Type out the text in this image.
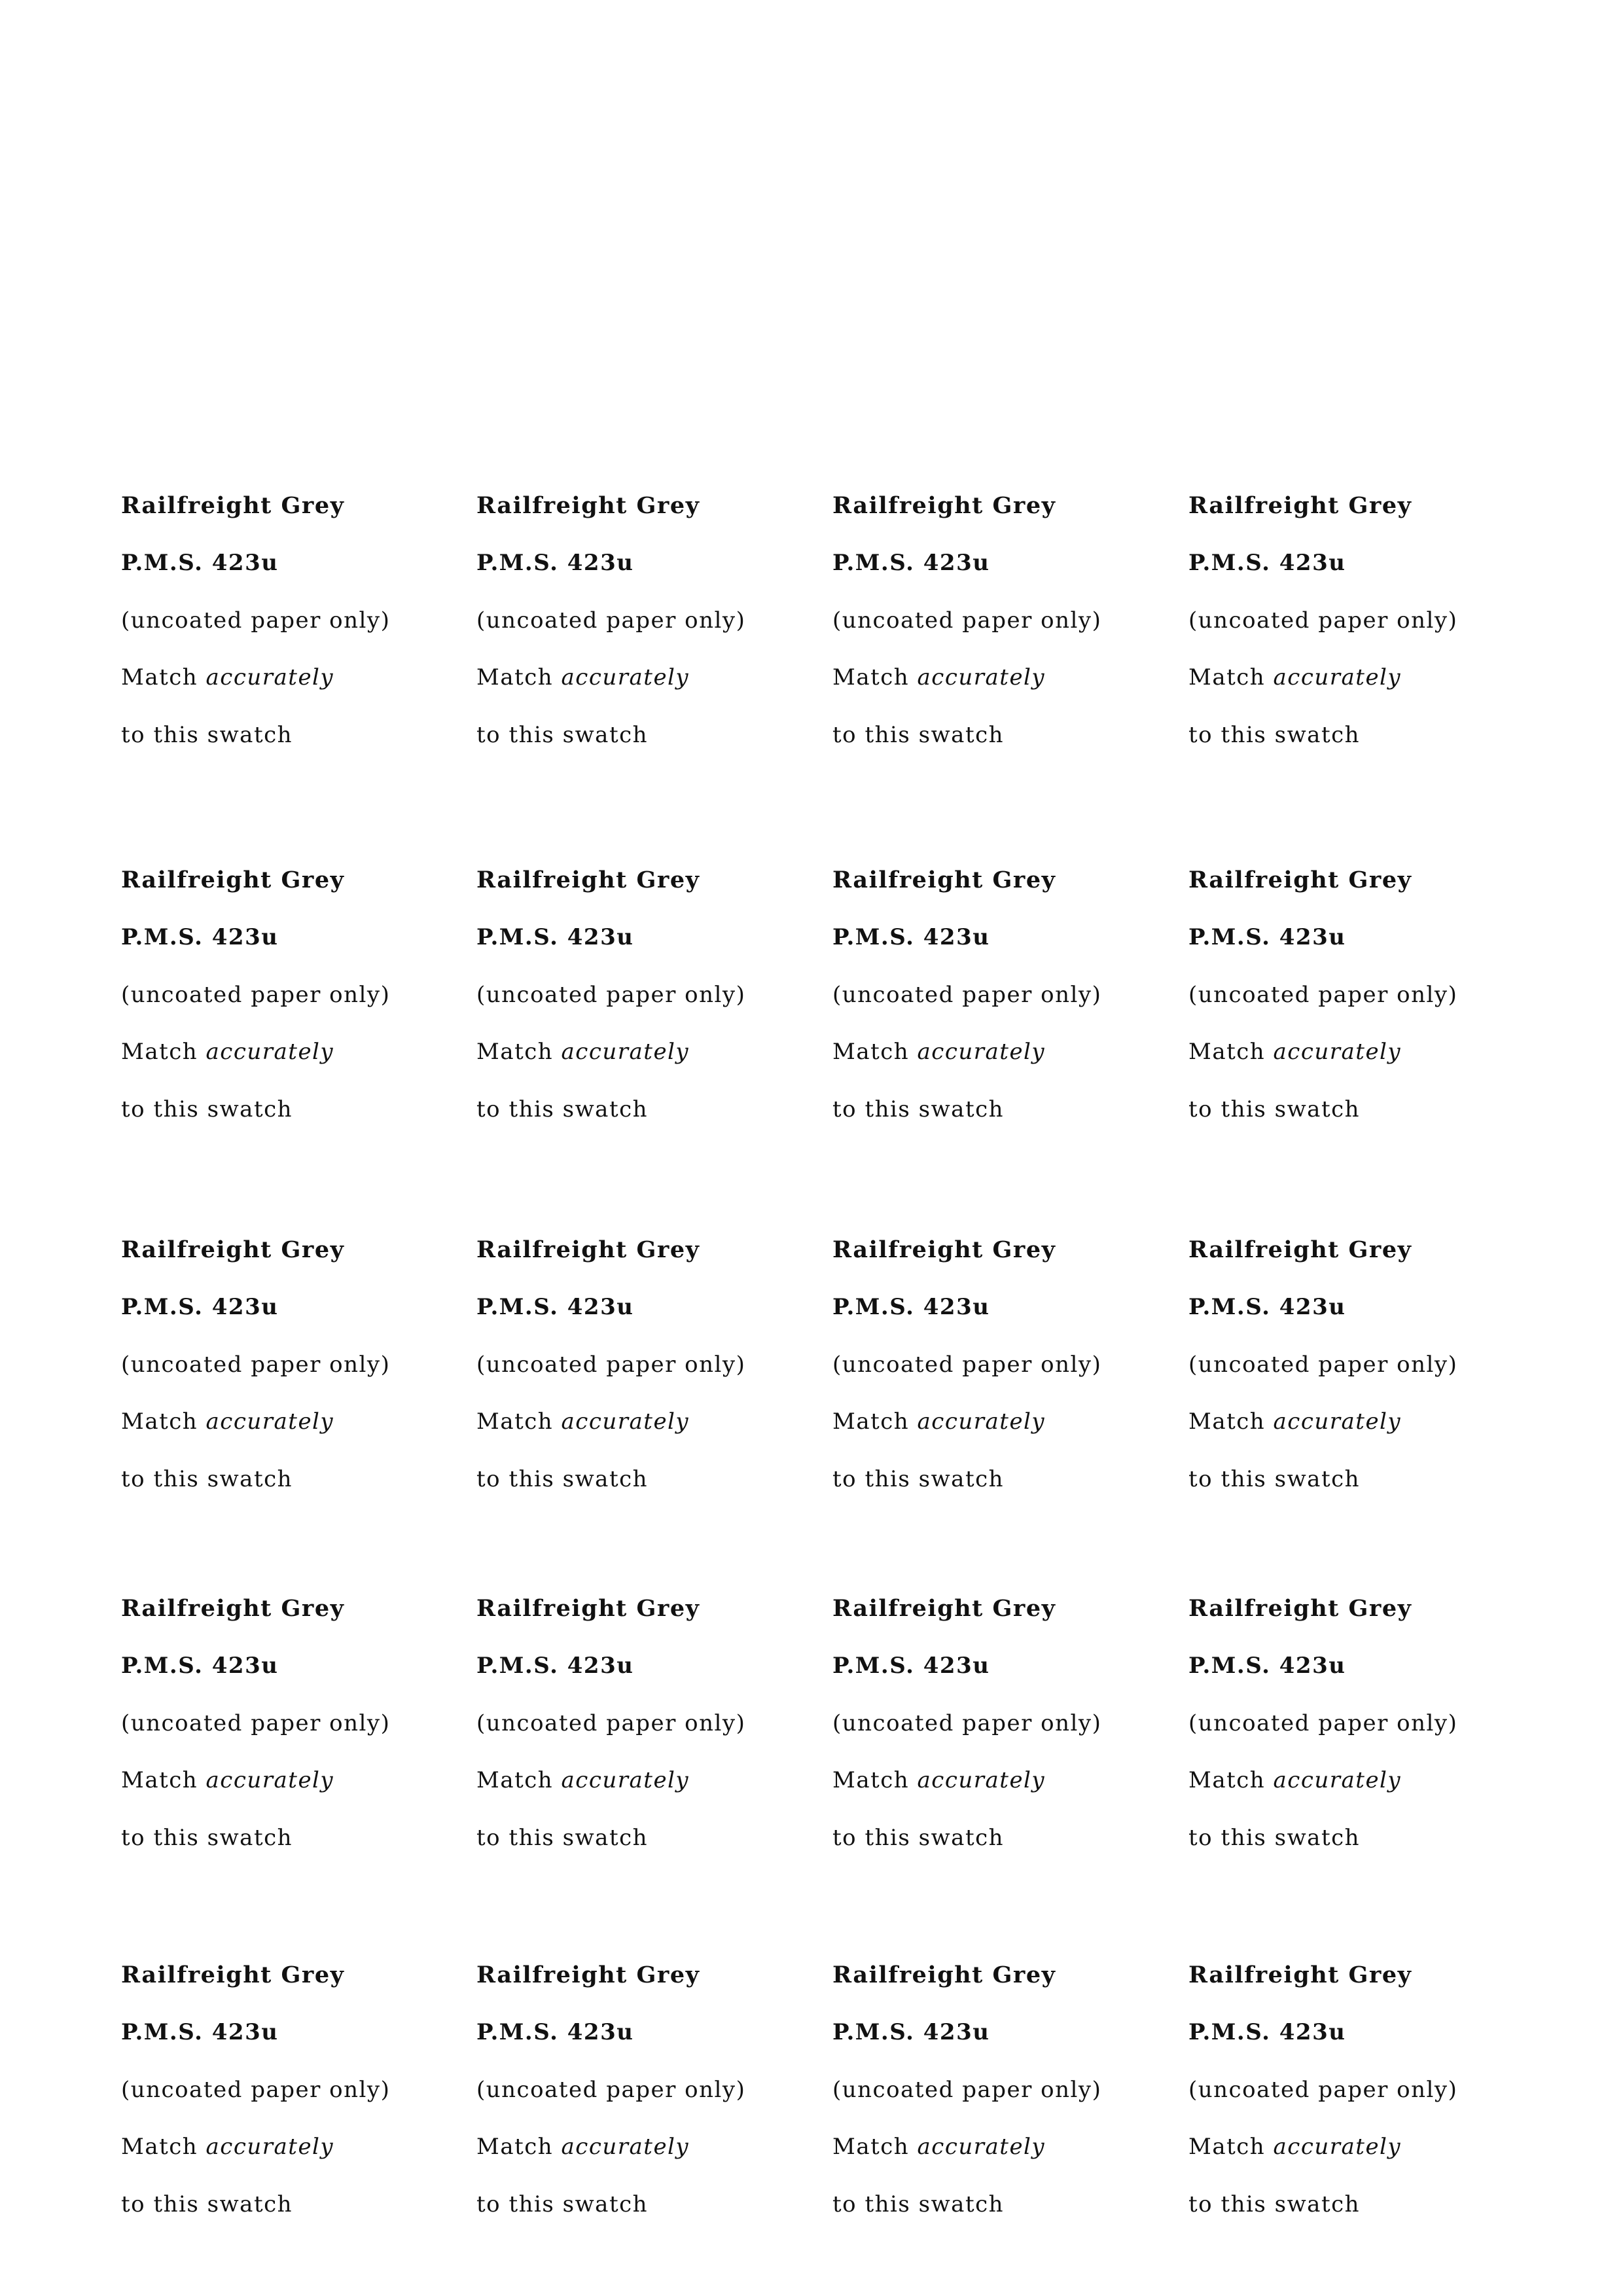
Railfreight Grey
P.M.S. 423u
(uncoated paper only)
Match accurately
to this swatch
Railfreight Grey
P.M.S. 423u
(uncoated paper only)
Match accurately
to this swatch
Railfreight Grey
P.M.S. 423u
(uncoated paper only)
Match accurately
to this swatch
Railfreight Grey
P.M.S. 423u
(uncoated paper only)
Match accurately
to this swatch
Railfreight Grey
P.M.S. 423u
(uncoated paper only)
Match accurately
to this swatch
Railfreight Grey
P.M.S. 423u
(uncoated paper only)
Match accurately
to this swatch
Railfreight Grey
P.M.S. 423u
(uncoated paper only)
Match accurately
to this swatch
Railfreight Grey
P.M.S. 423u
(uncoated paper only)
Match accurately
to this swatch
Railfreight Grey
P.M.S. 423u
(uncoated paper only)
Match accurately
to this swatch
Railfreight Grey
P.M.S. 423u
(uncoated paper only)
Match accurately
to this swatch
Railfreight Grey
P.M.S. 423u
(uncoated paper only)
Match accurately
to this swatch
Railfreight Grey
P.M.S. 423u
(uncoated paper only)
Match accurately
to this swatch
Railfreight Grey
P.M.S. 423u
(uncoated paper only)
Match accurately
to this swatch
Railfreight Grey
P.M.S. 423u
(uncoated paper only)
Match accurately
to this swatch
Railfreight Grey
P.M.S. 423u
(uncoated paper only)
Match accurately
to this swatch
Railfreight Grey
P.M.S. 423u
(uncoated paper only)
Match accurately
to this swatch
Railfreight Grey
P.M.S. 423u
(uncoated paper only)
Match accurately
to this swatch
Railfreight Grey
P.M.S. 423u
(uncoated paper only)
Match accurately
to this swatch
Railfreight Grey
P.M.S. 423u
(uncoated paper only)
Match accurately
to this swatch
Railfreight Grey
P.M.S. 423u
(uncoated paper only)
Match accurately
to this swatch
